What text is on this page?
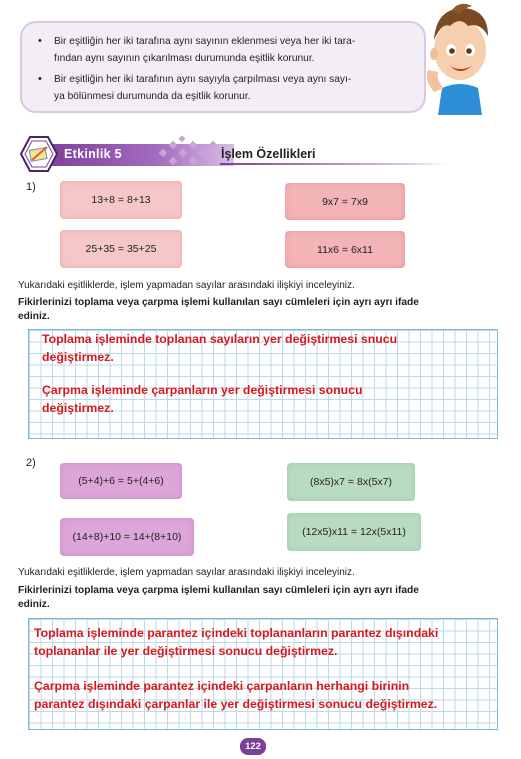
• Bir eşitliğin her iki tarafına aynı sayının eklenmesi veya her iki tara-
fından aynı sayının çıkarılması durumunda eşitlik korunur.
• Bir eşitliğin her iki tarafının aynı sayıyla çarpılması veya aynı sayı-
ya bölünmesi durumunda da eşitlik korunur.
Etkinlik 5	İşlem Özellikleri
1)
13+8 = 8+13	9x7 = 7x9
25+35 = 35+25	11x6 = 6x11
Yukarıdaki eşitliklerde, işlem yapmadan sayılar arasındaki ilişkiyi inceleyiniz.
Fikirlerinizi toplama veya çarpma işlemi kullanılan sayı cümleleri için ayrı ayrı ifade
ediniz.
Toplama işleminde toplanan sayıların yer değiştirmesi snucu
değiştirmez.
Çarpma işleminde çarpanların yer değiştirmesi sonucu
değiştirmez.
2)
(5+4)+6 = 5+(4+6)	(8x5)x7 = 8x(5x7)
(14+8)+10 = 14+(8+10)	(12x5)x11 = 12x(5x11)
Yukarıdaki eşitliklerde, işlem yapmadan sayılar arasındaki ilişkiyi inceleyiniz.
Fikirlerinizi toplama veya çarpma işlemi kullanılan sayı cümleleri için ayrı ayrı ifade
ediniz.
Toplama işleminde parantez içindeki toplananların parantez dışındaki
toplananlar ile yer değiştirmesi sonucu değiştirmez.
Çarpma işleminde parantez içindeki çarpanların herhangi birinin
parantez dışındaki çarpanlar ile yer değiştirmesi sonucu değiştirmez.
122
